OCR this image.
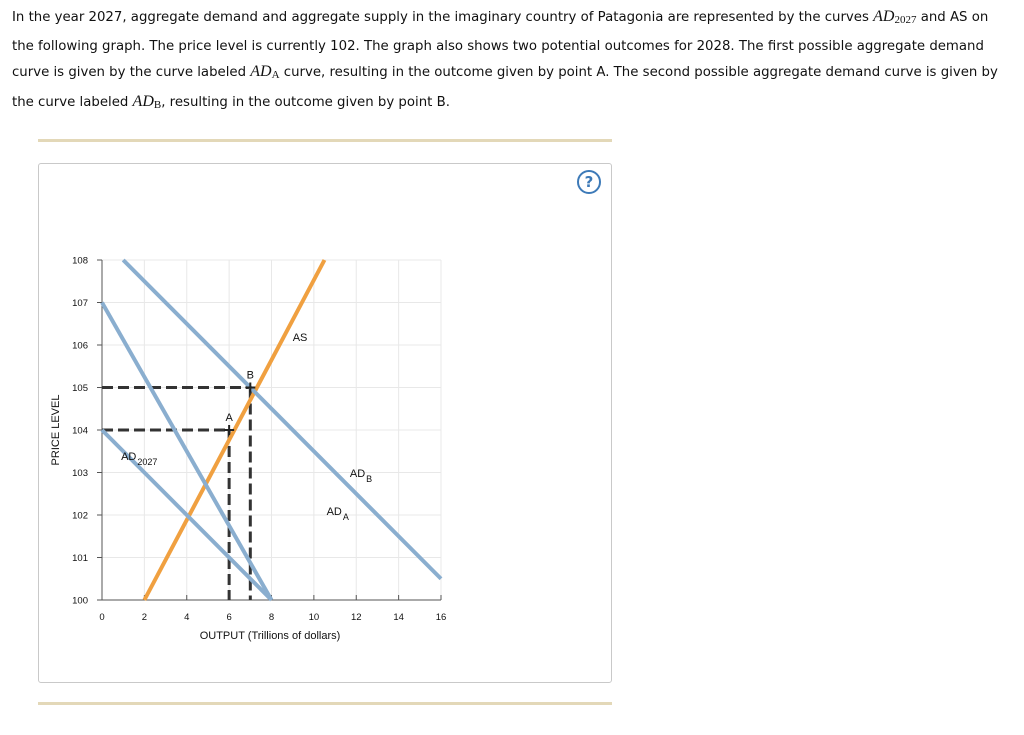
In the year 2027, aggregate demand and aggregate supply in the imaginary country of Patagonia are represented by the curves AD2027 and AS on the following graph. The price level is currently 102. The graph also shows two potential outcomes for 2028. The first possible aggregate demand curve is given by the curve labeled ADA curve, resulting in the outcome given by point A. The second possible aggregate demand curve is given by the curve labeled ADB, resulting in the outcome given by point B.
?
100
101
102
103
104
105
106
107
108
0	2	4	6	8	10	12	14	16
A
B
AS
AD 2027
AD A
AD B
OUTPUT (Trillions of dollars)
PRICE LEVEL
